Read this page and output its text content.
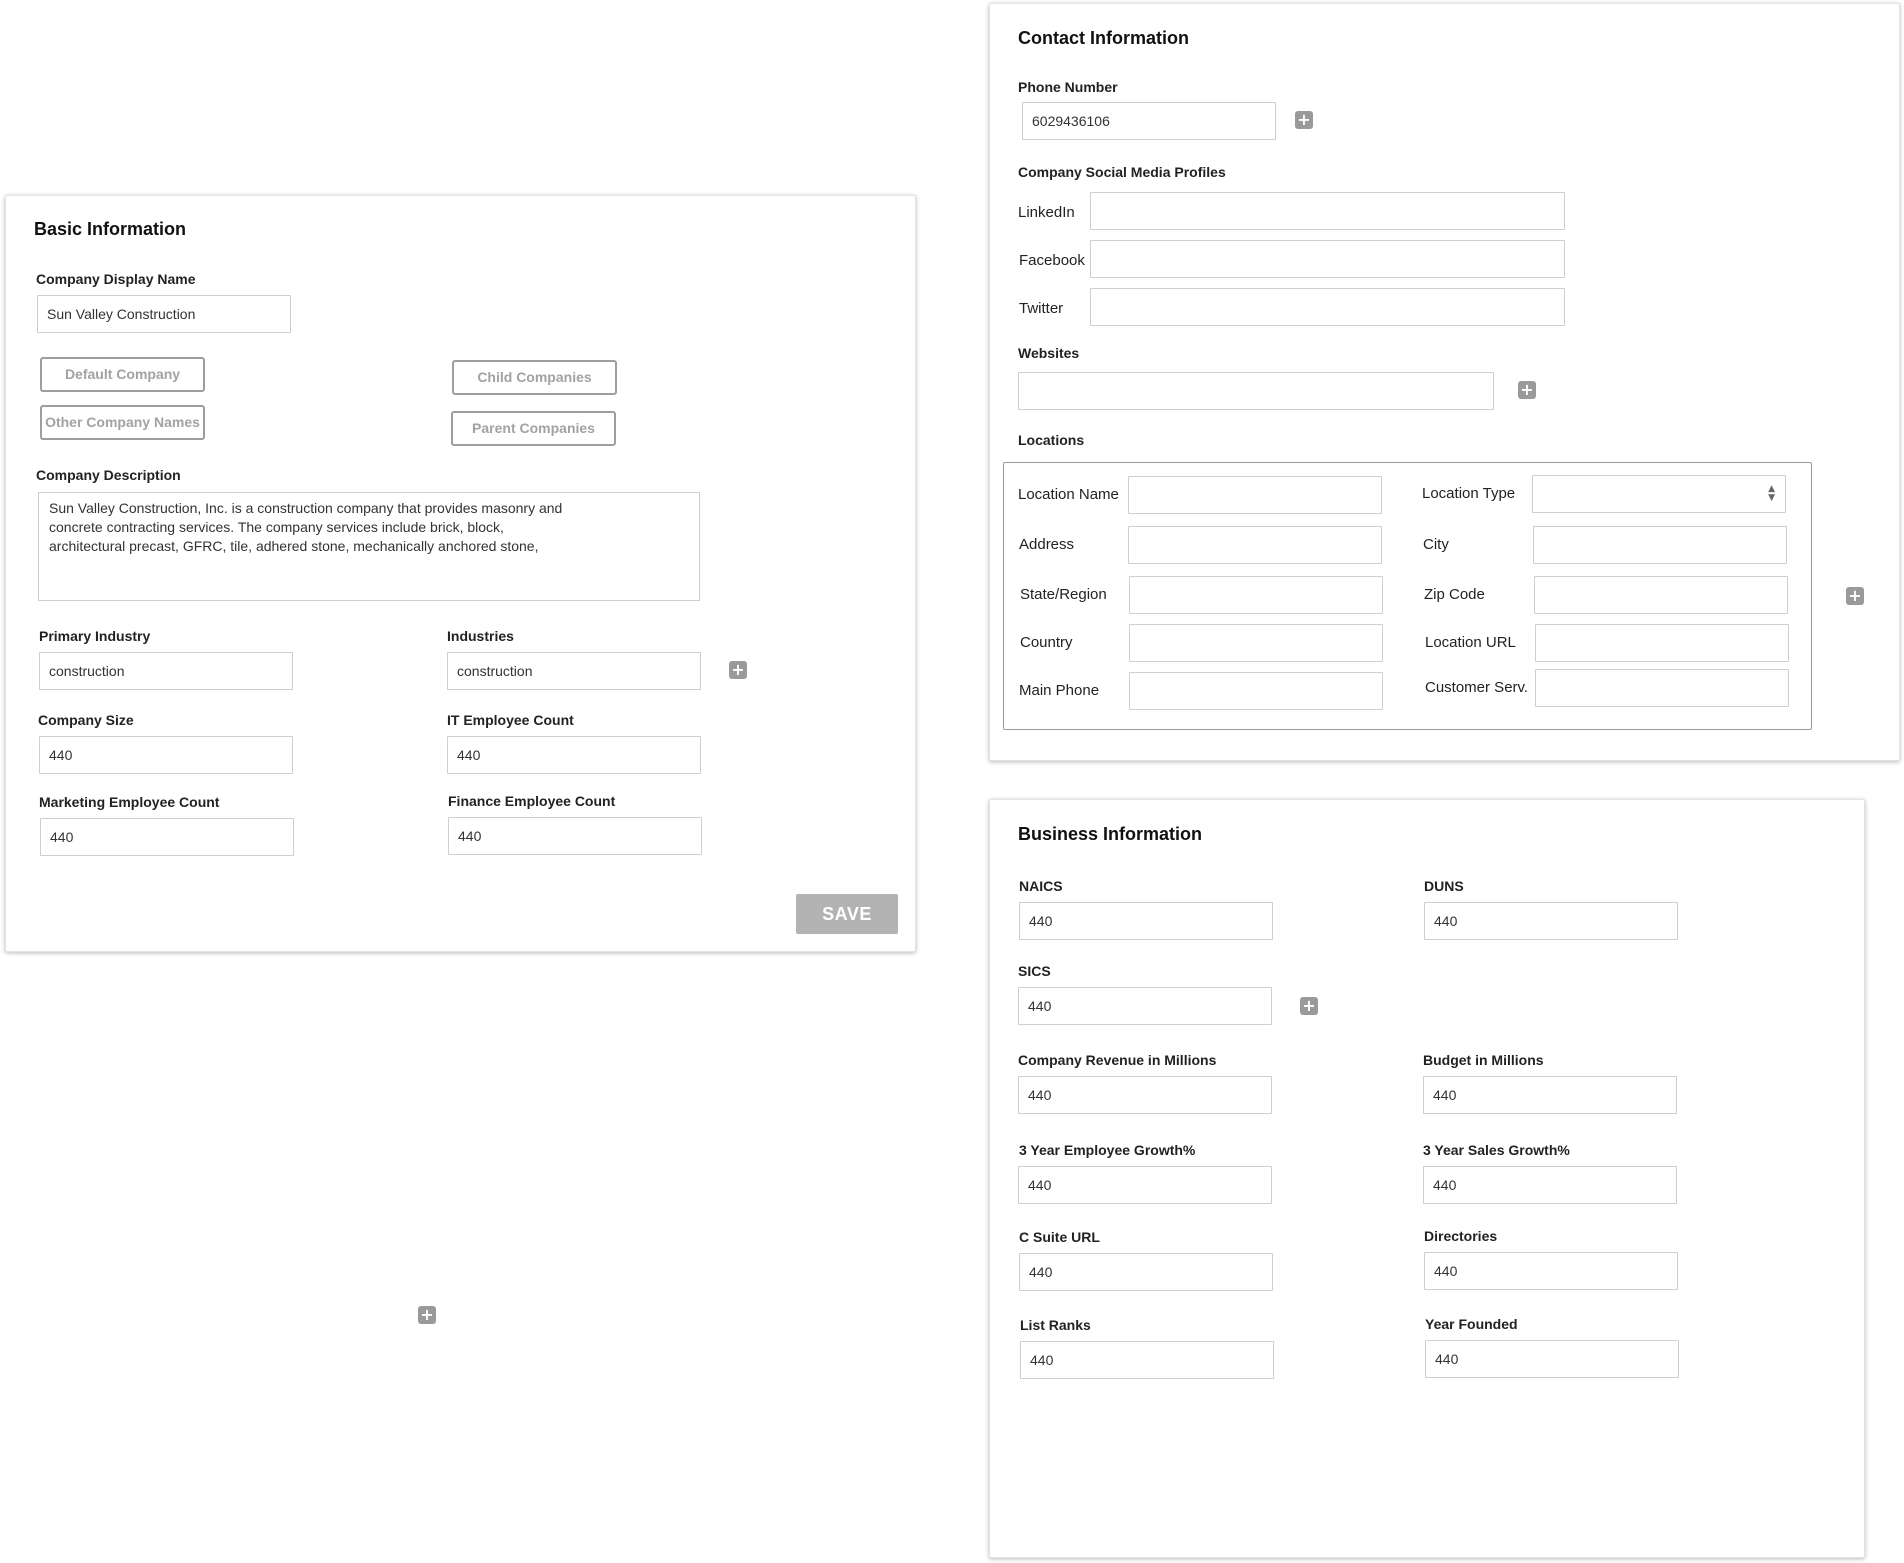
Basic Information
Company Display Name
Sun Valley Construction
Default Company	Child Companies
Other Company Names	Parent Companies
Company Description
Sun Valley Construction, Inc. is a construction company that provides masonry and
concrete contracting services. The company services include brick, block,
architectural precast, GFRC, tile, adhered stone, mechanically anchored stone,
Primary Industry
construction
Industries
construction	+
Company Size
440
IT Employee Count
440
Marketing Employee Count
440
Finance Employee Count
440
SAVE
+
Contact Information
Phone Number
6029436106	+
Company Social Media Profiles
LinkedIn
Facebook
Twitter
Websites
+
Locations
Location Name	Location Type	▲
▼
Address	City
State/Region	Zip Code	+
Country	Location URL
Main Phone	Customer Serv.
Business Information
NAICS
440
DUNS
440
SICS
440	+
Company Revenue in Millions
440
Budget in Millions
440
3 Year Employee Growth%
440
3 Year Sales Growth%
440
C Suite URL
440
Directories
440
List Ranks
440
Year Founded
440
